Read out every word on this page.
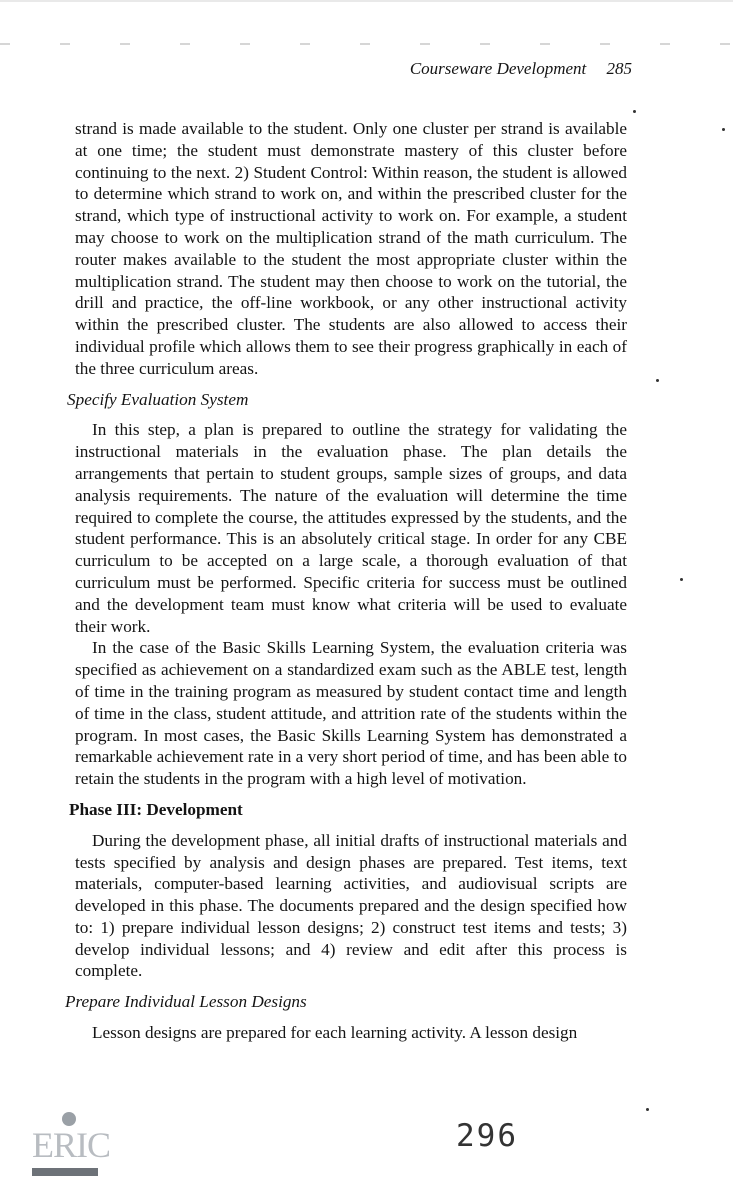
Courseware Development 285

strand is made available to the student. Only one cluster per strand is available at one time; the student must demonstrate mastery of this cluster before continuing to the next. 2) Student Control: Within reason, the student is allowed to determine which strand to work on, and within the prescribed cluster for the strand, which type of instructional activity to work on. For example, a student may choose to work on the multiplication strand of the math curriculum. The router makes available to the student the most appropriate cluster within the multiplication strand. The student may then choose to work on the tutorial, the drill and practice, the off-line workbook, or any other instructional activity within the prescribed cluster. The students are also allowed to access their individual profile which allows them to see their progress graphically in each of the three curriculum areas.

Specify Evaluation System

In this step, a plan is prepared to outline the strategy for validating the instructional materials in the evaluation phase. The plan details the arrangements that pertain to student groups, sample sizes of groups, and data analysis requirements. The nature of the evaluation will determine the time required to complete the course, the attitudes expressed by the students, and the student performance. This is an absolutely critical stage. In order for any CBE curriculum to be accepted on a large scale, a thorough evaluation of that curriculum must be performed. Specific criteria for success must be outlined and the development team must know what criteria will be used to evaluate their work.

In the case of the Basic Skills Learning System, the evaluation criteria was specified as achievement on a standardized exam such as the ABLE test, length of time in the training program as measured by student contact time and length of time in the class, student attitude, and attrition rate of the students within the program. In most cases, the Basic Skills Learning System has demonstrated a remarkable achievement rate in a very short period of time, and has been able to retain the students in the program with a high level of motivation.

Phase III: Development

During the development phase, all initial drafts of instructional materials and tests specified by analysis and design phases are prepared. Test items, text materials, computer-based learning activities, and audiovisual scripts are developed in this phase. The documents prepared and the design specified how to: 1) prepare individual lesson designs; 2) construct test items and tests; 3) develop individual lessons; and 4) review and edit after this process is complete.

Prepare Individual Lesson Designs

Lesson designs are prepared for each learning activity. A lesson design

ERIC	296
